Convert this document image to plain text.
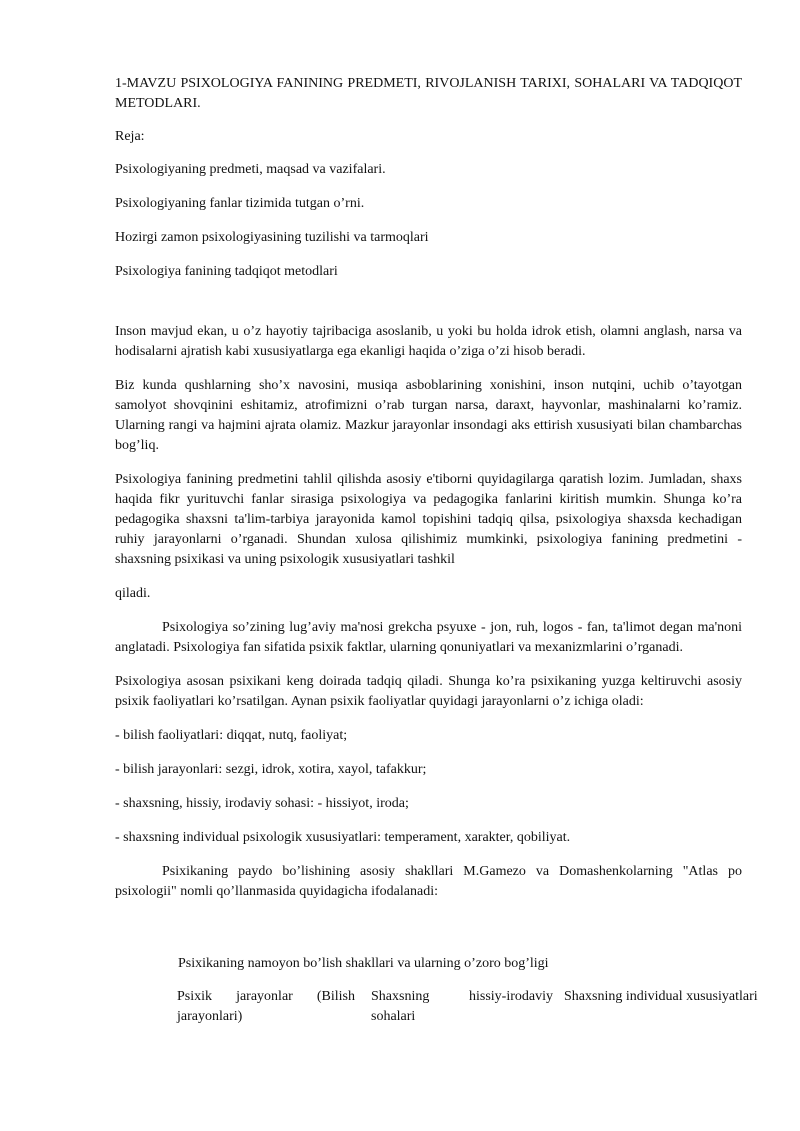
1-MAVZU PSIXOLOGIYA FANINING PREDMETI, RIVOJLANISH TARIXI, SOHALARI VA TADQIQOT METODLARI.

Reja:

Psixologiyaning predmeti, maqsad va vazifalari.

Psixologiyaning fanlar tizimida tutgan o’rni.

Hozirgi zamon psixologiyasining tuzilishi va tarmoqlari

Psixologiya fanining tadqiqot metodlari

Inson mavjud ekan, u o’z hayotiy tajribaciga asoslanib, u yoki bu holda idrok etish, olamni anglash, narsa va hodisalarni ajratish kabi xususiyatlarga ega ekanligi haqida o’ziga o’zi hisob beradi.

Biz kunda qushlarning sho’x navosini, musiqa asboblarining xonishini, inson nutqini, uchib o’tayotgan samolyot shovqinini eshitamiz, atrofimizni o’rab turgan narsa, daraxt, hayvonlar, mashinalarni ko’ramiz. Ularning rangi va hajmini ajrata olamiz. Mazkur jarayonlar insondagi aks ettirish xususiyati bilan chambarchas bog’liq.

Psixologiya fanining predmetini tahlil qilishda asosiy e'tiborni quyidagilarga qaratish lozim. Jumladan, shaxs haqida fikr yurituvchi fanlar sirasiga psixologiya va pedagogika fanlarini kiritish mumkin. Shunga ko’ra pedagogika shaxsni ta'lim-tarbiya jarayonida kamol topishini tadqiq qilsa, psixologiya shaxsda kechadigan ruhiy jarayonlarni o’rganadi. Shundan xulosa qilishimiz mumkinki, psixologiya fanining predmetini - shaxsning psixikasi va uning psixologik xususiyatlari tashkil

qiladi.

Psixologiya so’zining lug’aviy ma'nosi grekcha psyuxe - jon, ruh, logos - fan, ta'limot degan ma'noni anglatadi. Psixologiya fan sifatida psixik faktlar, ularning qonuniyatlari va mexanizmlarini o’rganadi.

Psixologiya asosan psixikani keng doirada tadqiq qiladi. Shunga ko’ra psixikaning yuzga keltiruvchi asosiy psixik faoliyatlari ko’rsatilgan. Aynan psixik faoliyatlar quyidagi jarayonlarni o’z ichiga oladi:

- bilish faoliyatlari: diqqat, nutq, faoliyat;

- bilish jarayonlari: sezgi, idrok, xotira, xayol, tafakkur;

- shaxsning, hissiy, irodaviy sohasi: - hissiyot, iroda;

- shaxsning individual psixologik xususiyatlari: temperament, xarakter, qobiliyat.

Psixikaning paydo bo’lishining asosiy shakllari M.Gamezo va Domashenkolarning "Atlas po psixologii" nomli qo’llanmasida quyidagicha ifodalanadi:

Psixikaning namoyon bo’lish shakllari va ularning o’zoro bog’ligi

Psixik jarayonlar (Bilish jarayonlari)
Shaxsning	hissiy-irodaviy
sohalari
Shaxsning individual xususiyatlari
